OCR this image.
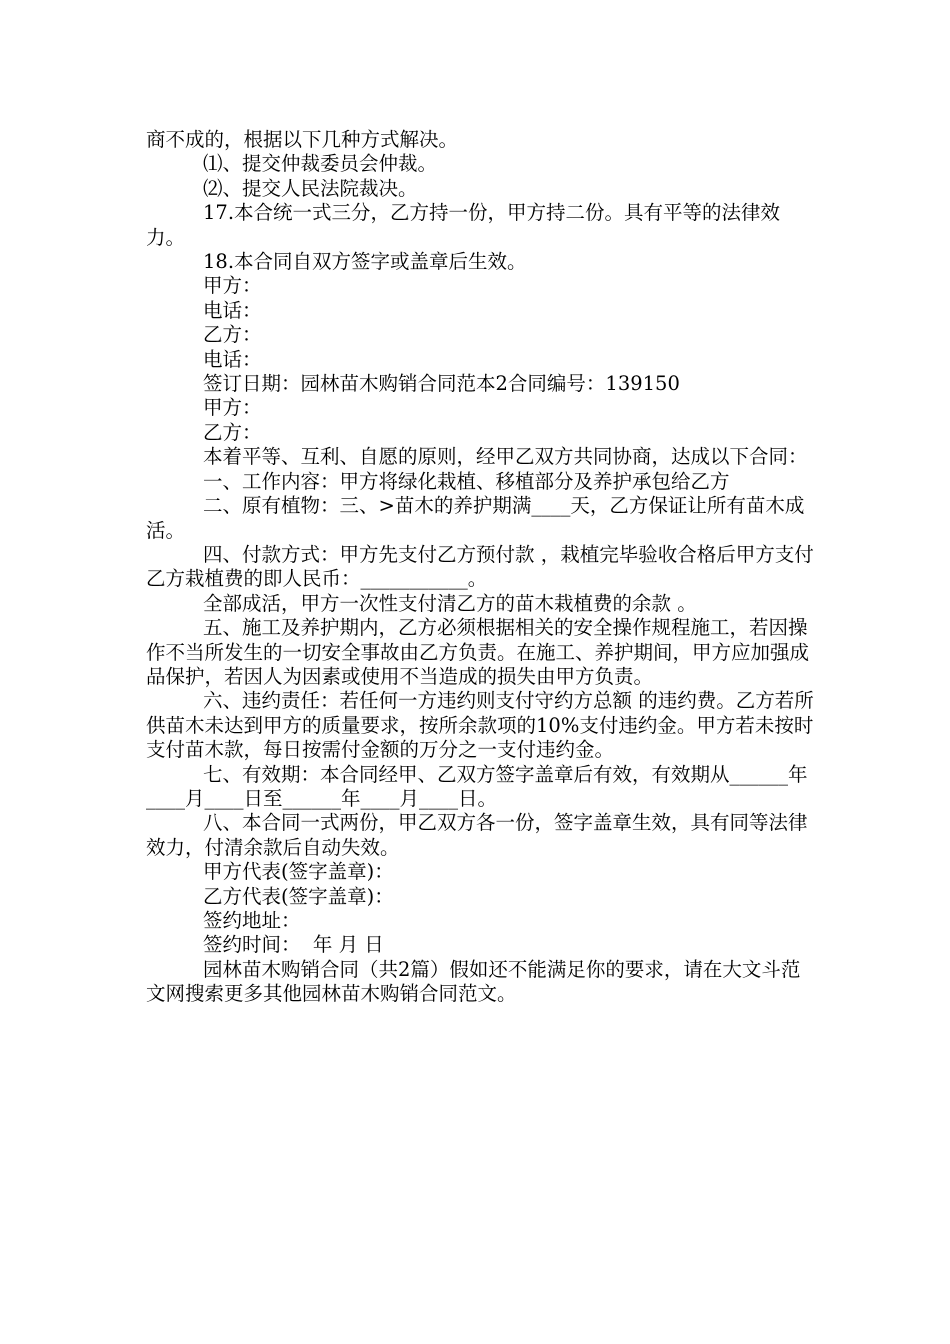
商不成的，根据以下几种方式解决。

⑴、提交仲裁委员会仲裁。

⑵、提交人民法院裁决。

17.本合统一式三分，乙方持一份，甲方持二份。具有平等的法律效力。

18.本合同自双方签字或盖章后生效。

甲方：

电话：

乙方：

电话：

签订日期：园林苗木购销合同范本2合同编号：139150

甲方：

乙方：

本着平等、互利、自愿的原则，经甲乙双方共同协商，达成以下合同：

一、工作内容：甲方将绿化栽植、移植部分及养护承包给乙方

二、原有植物：三、>苗木的养护期满____天，乙方保证让所有苗木成活。

四、付款方式：甲方先支付乙方预付款 ，栽植完毕验收合格后甲方支付乙方栽植费的即人民币：___________。

全部成活，甲方一次性支付清乙方的苗木栽植费的余款 。

五、施工及养护期内，乙方必须根据相关的安全操作规程施工，若因操作不当所发生的一切安全事故由乙方负责。在施工、养护期间，甲方应加强成品保护，若因人为因素或使用不当造成的损失由甲方负责。

六、违约责任：若任何一方违约则支付守约方总额 的违约费。乙方若所供苗木未达到甲方的质量要求，按所余款项的10%支付违约金。甲方若未按时支付苗木款，每日按需付金额的万分之一支付违约金。

七、有效期：本合同经甲、乙双方签字盖章后有效，有效期从______年____月____日至______年____月____日。

八、本合同一式两份，甲乙双方各一份，签字盖章生效，具有同等法律效力，付清余款后自动失效。

甲方代表(签字盖章)：

乙方代表(签字盖章)：

签约地址：

签约时间：  年 月 日

园林苗木购销合同（共2篇）假如还不能满足你的要求，请在大文斗范文网搜索更多其他园林苗木购销合同范文。
